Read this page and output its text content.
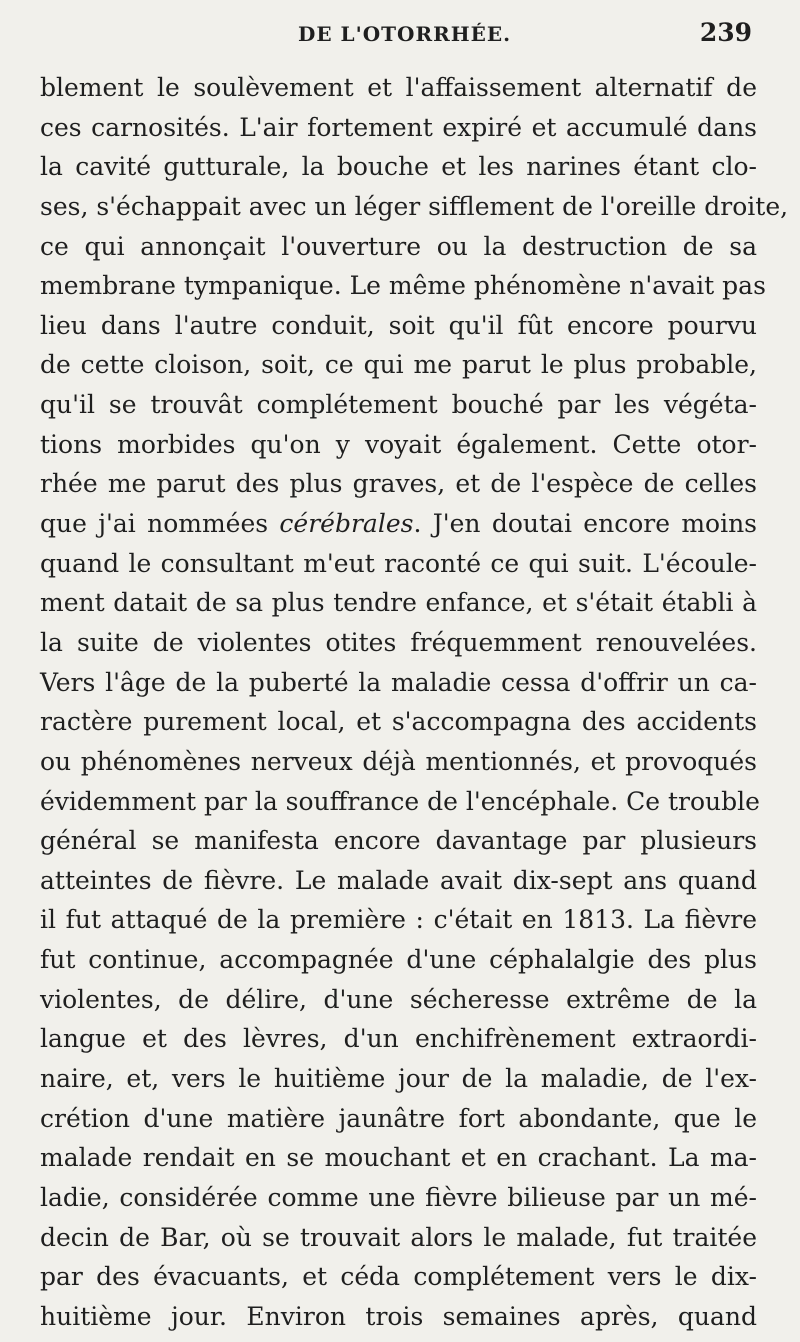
DE L'OTORRHÉE.	239
blement le soulèvement et l'affaissement alternatif de
ces carnosités. L'air fortement expiré et accumulé dans
la cavité gutturale, la bouche et les narines étant clo-
ses, s'échappait avec un léger sifflement de l'oreille droite,
ce qui annonçait l'ouverture ou la destruction de sa
membrane tympanique. Le même phénomène n'avait pas
lieu dans l'autre conduit, soit qu'il fût encore pourvu
de cette cloison, soit, ce qui me parut le plus probable,
qu'il se trouvât complétement bouché par les végéta-
tions morbides qu'on y voyait également. Cette otor-
rhée me parut des plus graves, et de l'espèce de celles
que j'ai nommées cérébrales. J'en doutai encore moins
quand le consultant m'eut raconté ce qui suit. L'écoule-
ment datait de sa plus tendre enfance, et s'était établi à
la suite de violentes otites fréquemment renouvelées.
Vers l'âge de la puberté la maladie cessa d'offrir un ca-
ractère purement local, et s'accompagna des accidents
ou phénomènes nerveux déjà mentionnés, et provoqués
évidemment par la souffrance de l'encéphale. Ce trouble
général se manifesta encore davantage par plusieurs
atteintes de fièvre. Le malade avait dix-sept ans quand
il fut attaqué de la première : c'était en 1813. La fièvre
fut continue, accompagnée d'une céphalalgie des plus
violentes, de délire, d'une sécheresse extrême de la
langue et des lèvres, d'un enchifrènement extraordi-
naire, et, vers le huitième jour de la maladie, de l'ex-
crétion d'une matière jaunâtre fort abondante, que le
malade rendait en se mouchant et en crachant. La ma-
ladie, considérée comme une fièvre bilieuse par un mé-
decin de Bar, où se trouvait alors le malade, fut traitée
par des évacuants, et céda complétement vers le dix-
huitième jour. Environ trois semaines après, quand
